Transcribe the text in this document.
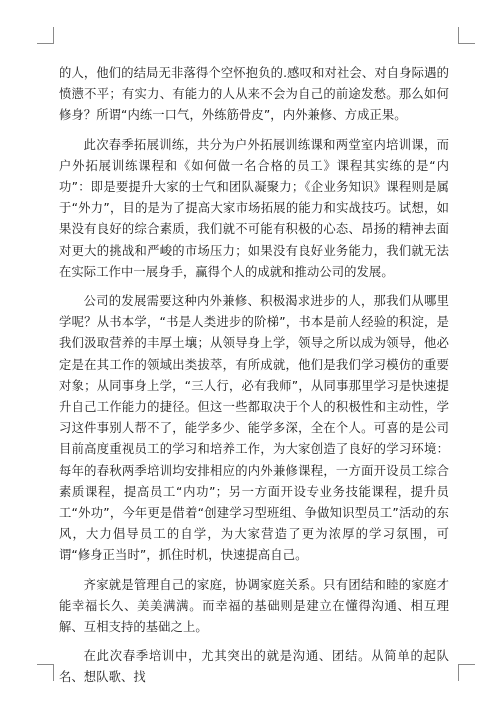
的人，他们的结局无非落得个空怀抱负的.感叹和对社会、对自身际遇的愤懑不平；有实力、有能力的人从来不会为自己的前途发愁。那么如何修身？所谓“内练一口气，外练筋骨皮”，内外兼修、方成正果。

此次春季拓展训练，共分为户外拓展训练课和两堂室内培训课，而户外拓展训练课程和《如何做一名合格的员工》课程其实练的是“内功”：即是要提升大家的士气和团队凝聚力；《企业务知识》课程则是属于“外力”，目的是为了提高大家市场拓展的能力和实战技巧。试想，如果没有良好的综合素质，我们就不可能有积极的心态、昂扬的精神去面对更大的挑战和严峻的市场压力；如果没有良好业务能力，我们就无法在实际工作中一展身手，赢得个人的成就和推动公司的发展。

公司的发展需要这种内外兼修、积极渴求进步的人，那我们从哪里学呢？从书本学，“书是人类进步的阶梯”，书本是前人经验的积淀，是我们汲取营养的丰厚土壤；从领导身上学，领导之所以成为领导，他必定是在其工作的领域出类拔萃，有所成就，他们是我们学习模仿的重要对象；从同事身上学，“三人行，必有我师”，从同事那里学习是快速提升自己工作能力的捷径。但这一些都取决于个人的积极性和主动性，学习这件事别人帮不了，能学多少、能学多深，全在个人。可喜的是公司目前高度重视员工的学习和培养工作，为大家创造了良好的学习环境：每年的春秋两季培训均安排相应的内外兼修课程，一方面开设员工综合素质课程，提高员工“内功”；另一方面开设专业务技能课程，提升员工“外功”，今年更是借着“创建学习型班组、争做知识型员工”活动的东风，大力倡导员工的自学，为大家营造了更为浓厚的学习氛围，可谓“修身正当时”，抓住时机，快速提高自己。

齐家就是管理自己的家庭，协调家庭关系。只有团结和睦的家庭才能幸福长久、美美满满。而幸福的基础则是建立在懂得沟通、相互理解、互相支持的基础之上。

在此次春季培训中，尤其突出的就是沟通、团结。从简单的起队名、想队歌、找
